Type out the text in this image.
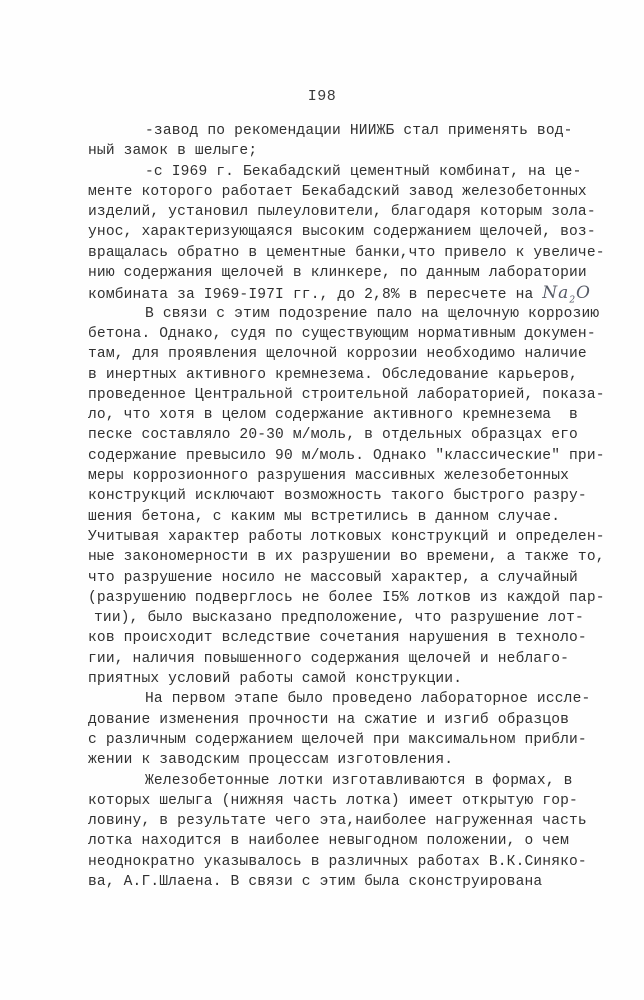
I98
-завод по рекомендации НИИЖБ стал применять вод-
ный замок в шелыге;
-с I969 г. Бекабадский цементный комбинат, на це-
менте которого работает Бекабадский завод железобетонных
изделий, установил пылеуловители, благодаря которым зола-
унос, характеризующаяся высоким содержанием щелочей, воз-
вращалась обратно в цементные банки,что привело к увеличе-
нию содержания щелочей в клинкере, по данным лаборатории
комбината за I969-I97I гг., до 2,8% в пересчете на $Na_2O$
В связи с этим подозрение пало на щелочную коррозию
бетона. Однако, судя по существующим нормативным докумен-
там, для проявления щелочной коррозии необходимо наличие
в инертных активного кремнезема. Обследование карьеров,
проведенное Центральной строительной лабораторией, показа-
ло, что хотя в целом содержание активного кремнезема  в
песке составляло 20-30 м/моль, в отдельных образцах его
содержание превысило 90 м/моль. Однако "классические" при-
меры коррозионного разрушения массивных железобетонных
конструкций исключают возможность такого быстрого разру-
шения бетона, с каким мы встретились в данном случае.
Учитывая характер работы лотковых конструкций и определен-
ные закономерности в их разрушении во времени, а также то,
что разрушение носило не массовый характер, а случайный
(разрушению подверглось не более I5% лотков из каждой пар-
тии), было высказано предположение, что разрушение лот-
ков происходит вследствие сочетания нарушения в техноло-
гии, наличия повышенного содержания щелочей и неблаго-
приятных условий работы самой конструкции.
На первом этапе было проведено лабораторное иссле-
дование изменения прочности на сжатие и изгиб образцов
с различным содержанием щелочей при максимальном прибли-
жении к заводским процессам изготовления.
Железобетонные лотки изготавливаются в формах, в
которых шелыга (нижняя часть лотка) имеет открытую гор-
ловину, в результате чего эта,наиболее нагруженная часть
лотка находится в наиболее невыгодном положении, о чем
неоднократно указывалось в различных работах В.К.Синяко-
ва, А.Г.Шлаена. В связи с этим была сконструирована
